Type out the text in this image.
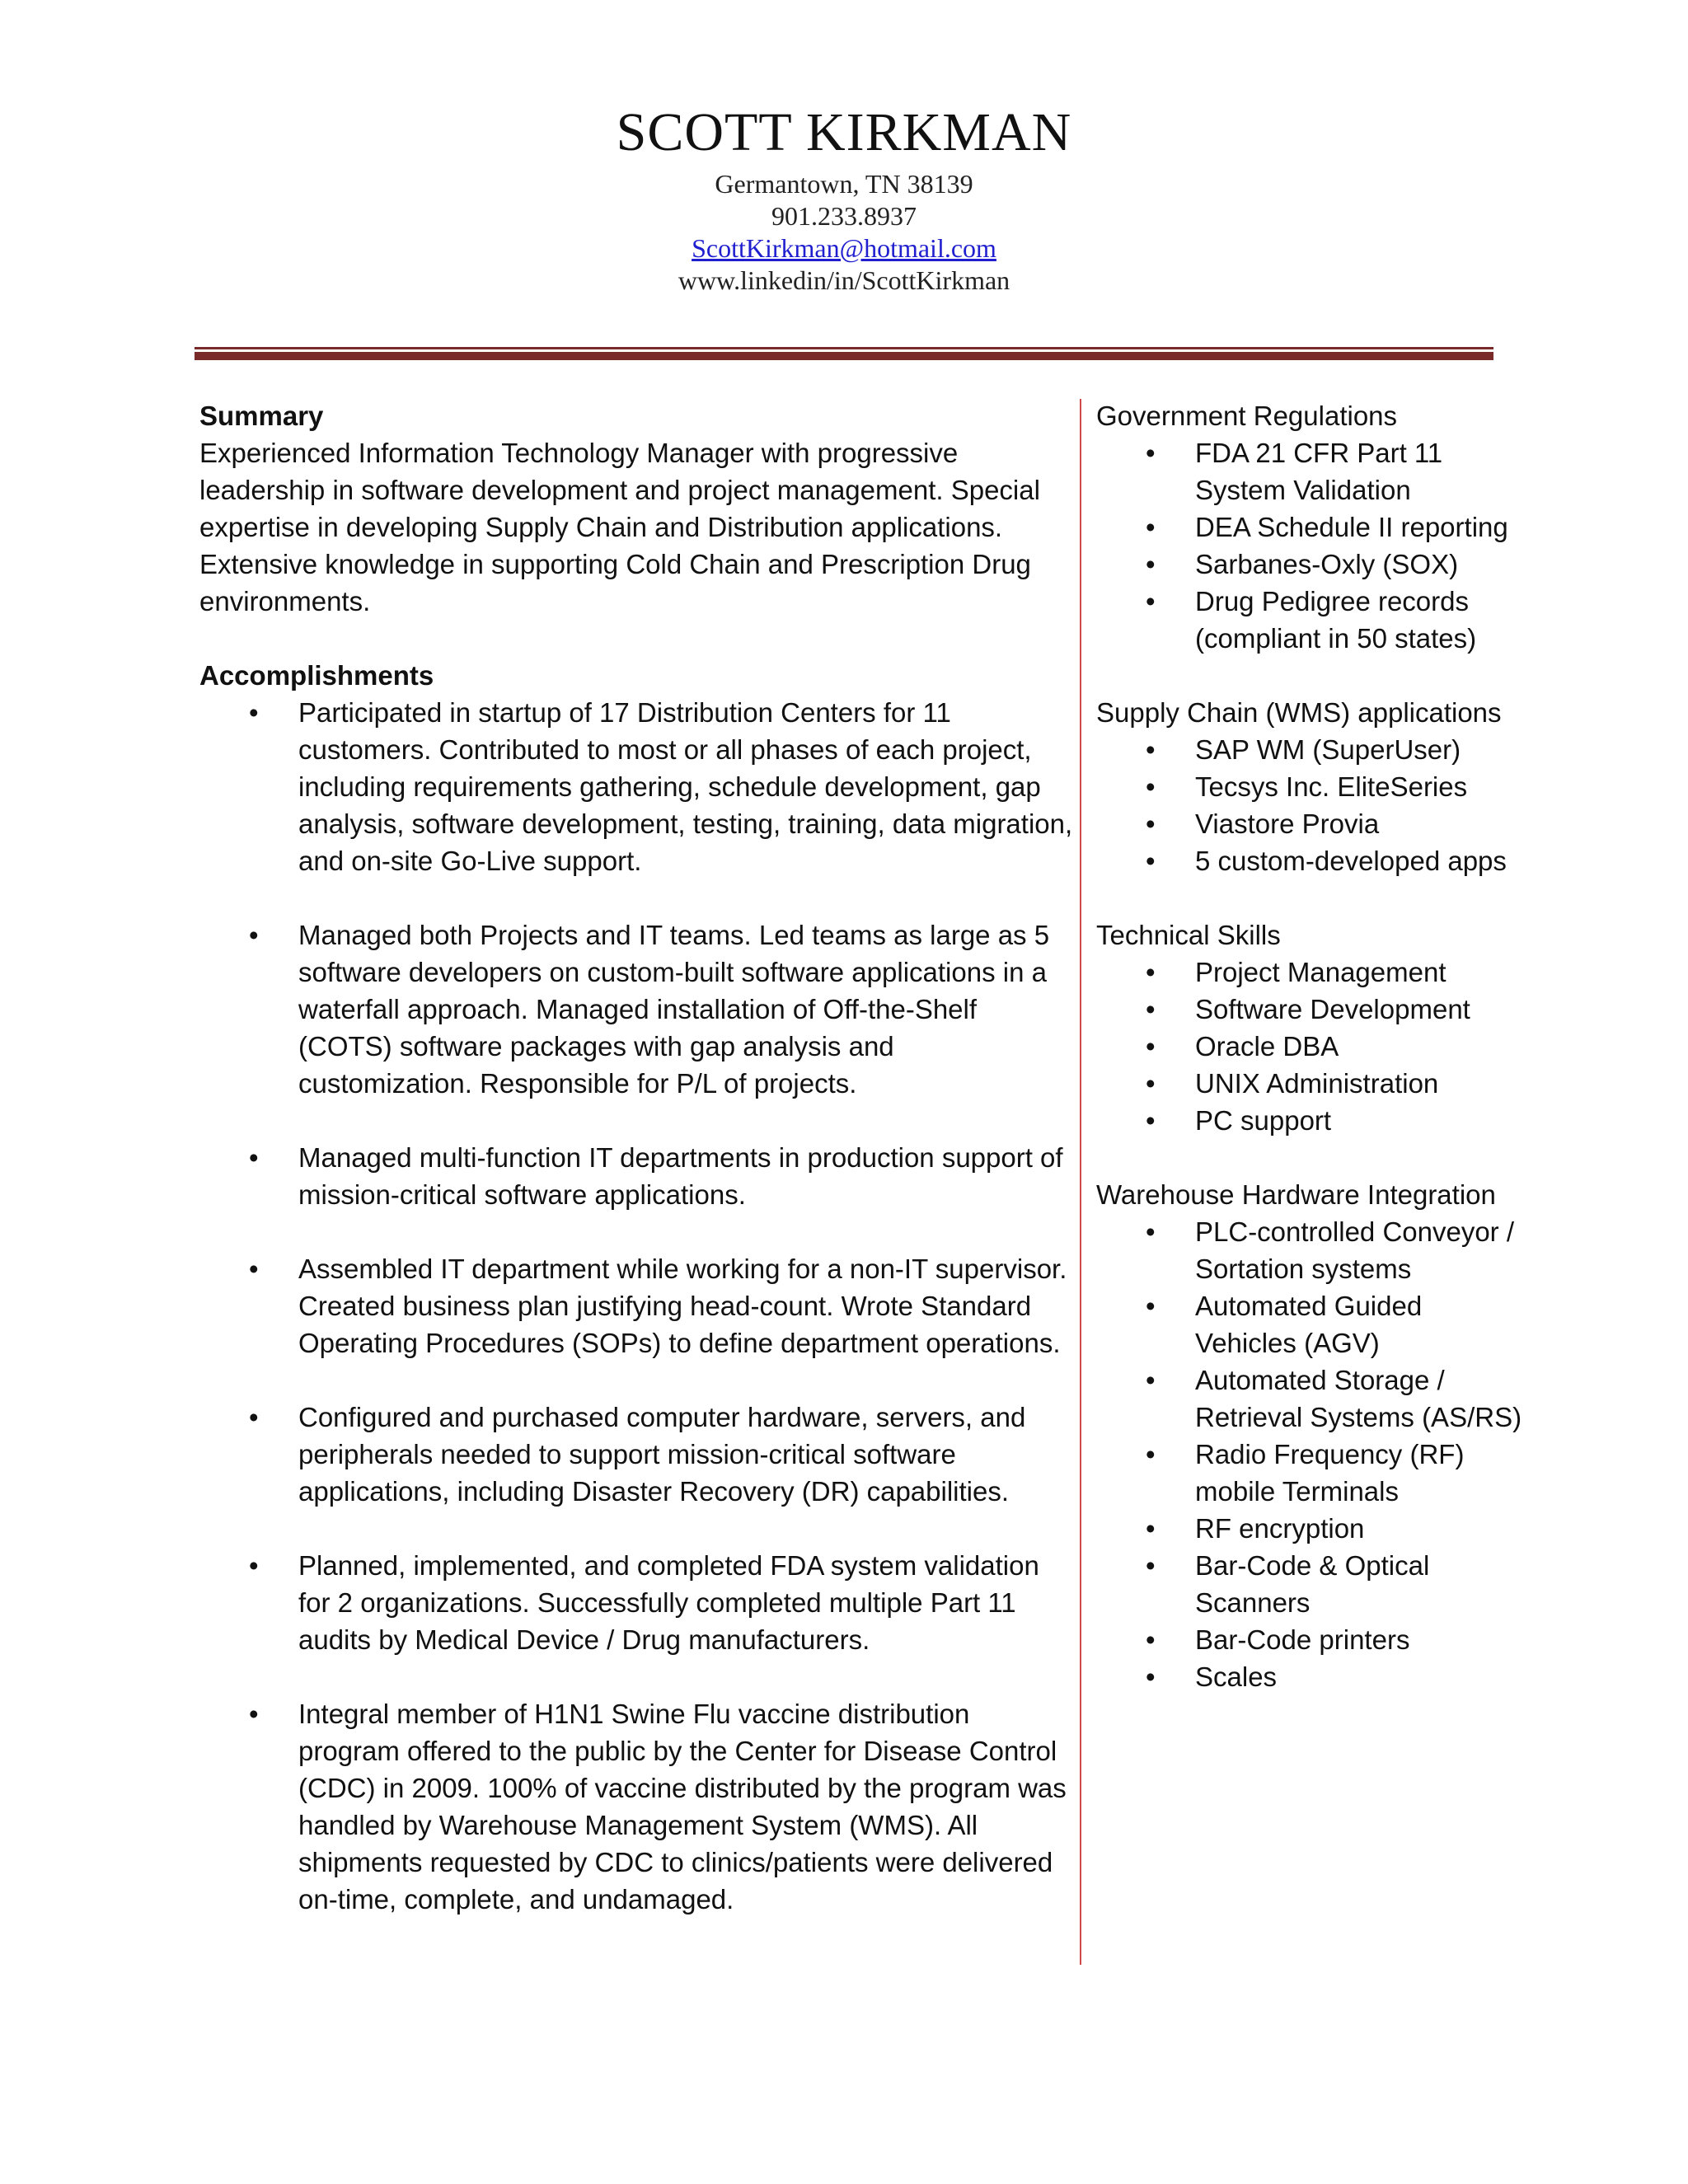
SCOTT KIRKMAN
Germantown, TN 38139
901.233.8937
ScottKirkman@hotmail.com
www.linkedin/in/ScottKirkman
Summary

Experienced Information Technology Manager with progressive leadership in software development and project management. Special expertise in developing Supply Chain and Distribution applications. Extensive knowledge in supporting Cold Chain and Prescription Drug environments.

Accomplishments
• Participated in startup of 17 Distribution Centers for 11 customers. Contributed to most or all phases of each project, including requirements gathering, schedule development, gap analysis, software development, testing, training, data migration, and on-site Go-Live support.
• Managed both Projects and IT teams. Led teams as large as 5 software developers on custom-built software applications in a waterfall approach. Managed installation of Off-the-Shelf (COTS) software packages with gap analysis and customization. Responsible for P/L of projects.
• Managed multi-function IT departments in production support of mission-critical software applications.
• Assembled IT department while working for a non-IT supervisor. Created business plan justifying head-count. Wrote Standard Operating Procedures (SOPs) to define department operations.
• Configured and purchased computer hardware, servers, and peripherals needed to support mission-critical software applications, including Disaster Recovery (DR) capabilities.
• Planned, implemented, and completed FDA system validation for 2 organizations. Successfully completed multiple Part 11 audits by Medical Device / Drug manufacturers.
• Integral member of H1N1 Swine Flu vaccine distribution program offered to the public by the Center for Disease Control (CDC) in 2009. 100% of vaccine distributed by the program was handled by Warehouse Management System (WMS). All shipments requested by CDC to clinics/patients were delivered on-time, complete, and undamaged.

Government Regulations

• FDA 21 CFR Part 11 System Validation
• DEA Schedule II reporting
• Sarbanes-Oxly (SOX)
• Drug Pedigree records (compliant in 50 states)

Supply Chain (WMS) applications

• SAP WM (SuperUser)
• Tecsys Inc. EliteSeries
• Viastore Provia
• 5 custom-developed apps

Technical Skills

• Project Management
• Software Development
• Oracle DBA
• UNIX Administration
• PC support

Warehouse Hardware Integration

• PLC-controlled Conveyor / Sortation systems
• Automated Guided Vehicles (AGV)
• Automated Storage / Retrieval Systems (AS/RS)
• Radio Frequency (RF) mobile Terminals
• RF encryption
• Bar-Code & Optical Scanners
• Bar-Code printers
• Scales
